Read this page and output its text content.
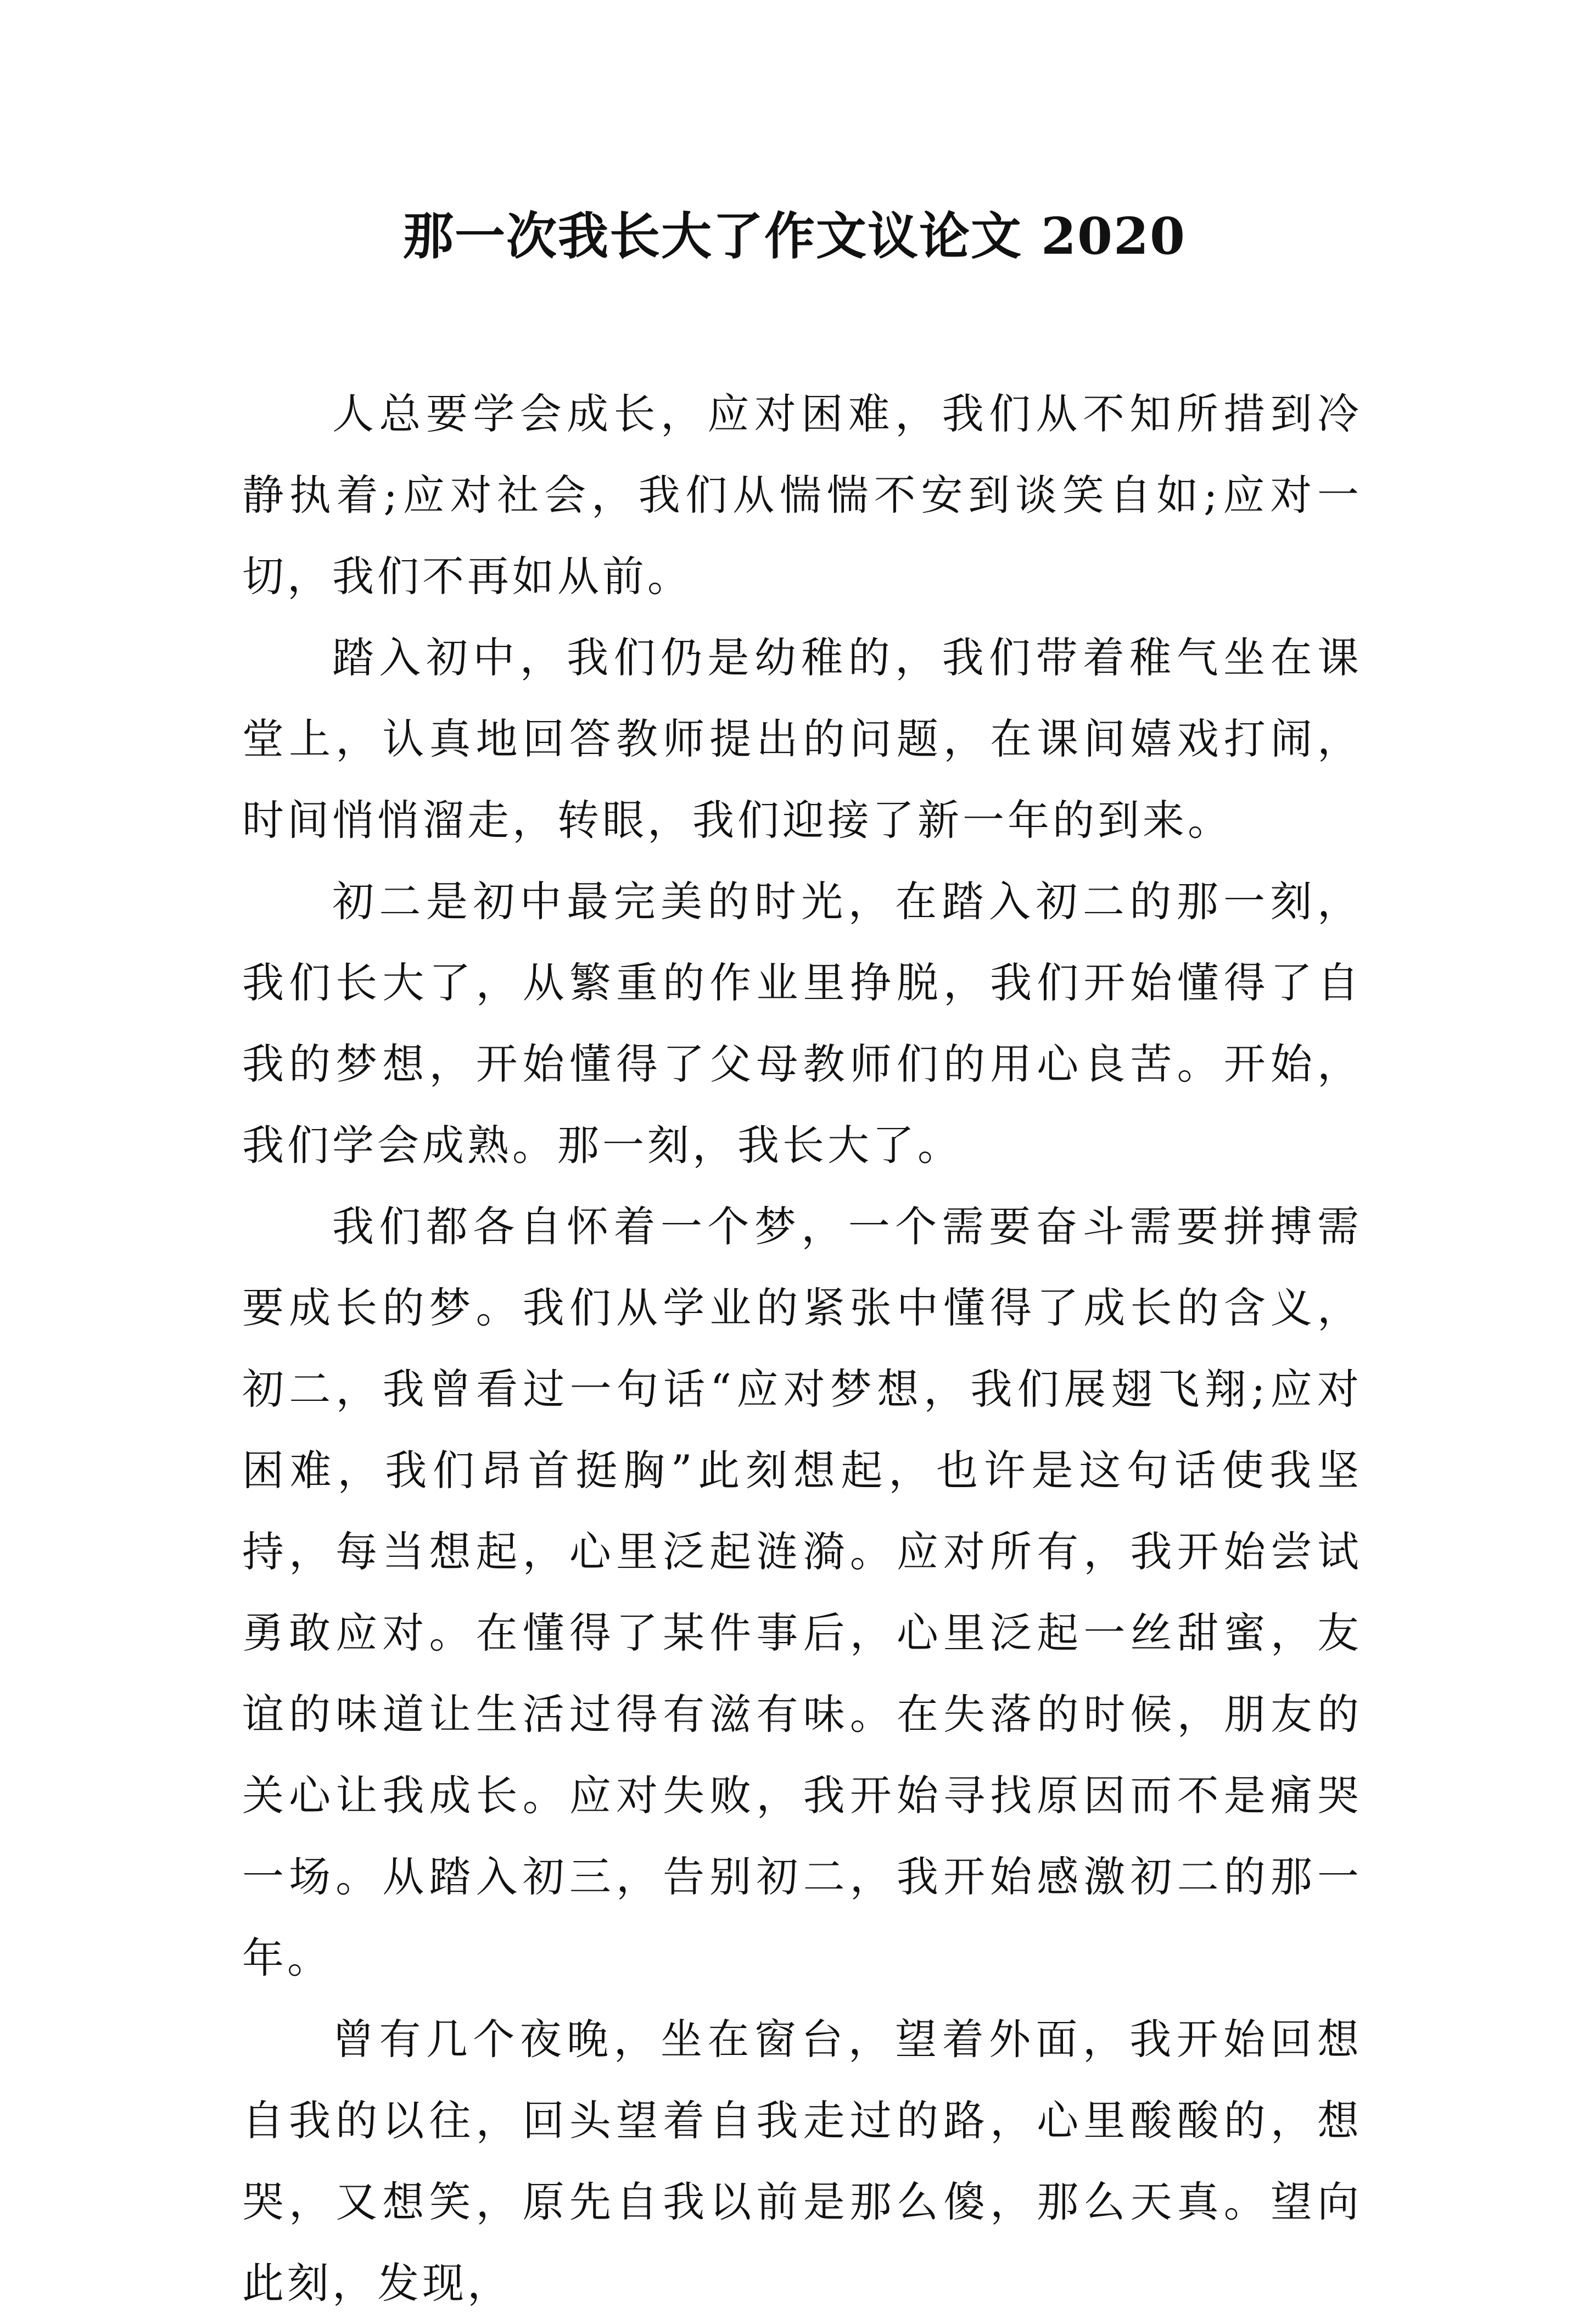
那一次我长大了作文议论文 2020

人总要学会成长，应对困难，我们从不知所措到冷静执着;应对社会，我们从惴惴不安到谈笑自如;应对一切，我们不再如从前。

踏入初中，我们仍是幼稚的，我们带着稚气坐在课堂上，认真地回答教师提出的问题，在课间嬉戏打闹，时间悄悄溜走，转眼，我们迎接了新一年的到来。

初二是初中最完美的时光，在踏入初二的那一刻，我们长大了，从繁重的作业里挣脱，我们开始懂得了自我的梦想，开始懂得了父母教师们的用心良苦。开始，我们学会成熟。那一刻，我长大了。

我们都各自怀着一个梦，一个需要奋斗需要拼搏需要成长的梦。我们从学业的紧张中懂得了成长的含义，初二，我曾看过一句话“应对梦想，我们展翅飞翔;应对困难，我们昂首挺胸”此刻想起，也许是这句话使我坚持，每当想起，心里泛起涟漪。应对所有，我开始尝试勇敢应对。在懂得了某件事后，心里泛起一丝甜蜜，友谊的味道让生活过得有滋有味。在失落的时候，朋友的关心让我成长。应对失败，我开始寻找原因而不是痛哭一场。从踏入初三，告别初二，我开始感激初二的那一年。

曾有几个夜晚，坐在窗台，望着外面，我开始回想自我的以往，回头望着自我走过的路，心里酸酸的，想哭，又想笑，原先自我以前是那么傻，那么天真。望向此刻，发现，
